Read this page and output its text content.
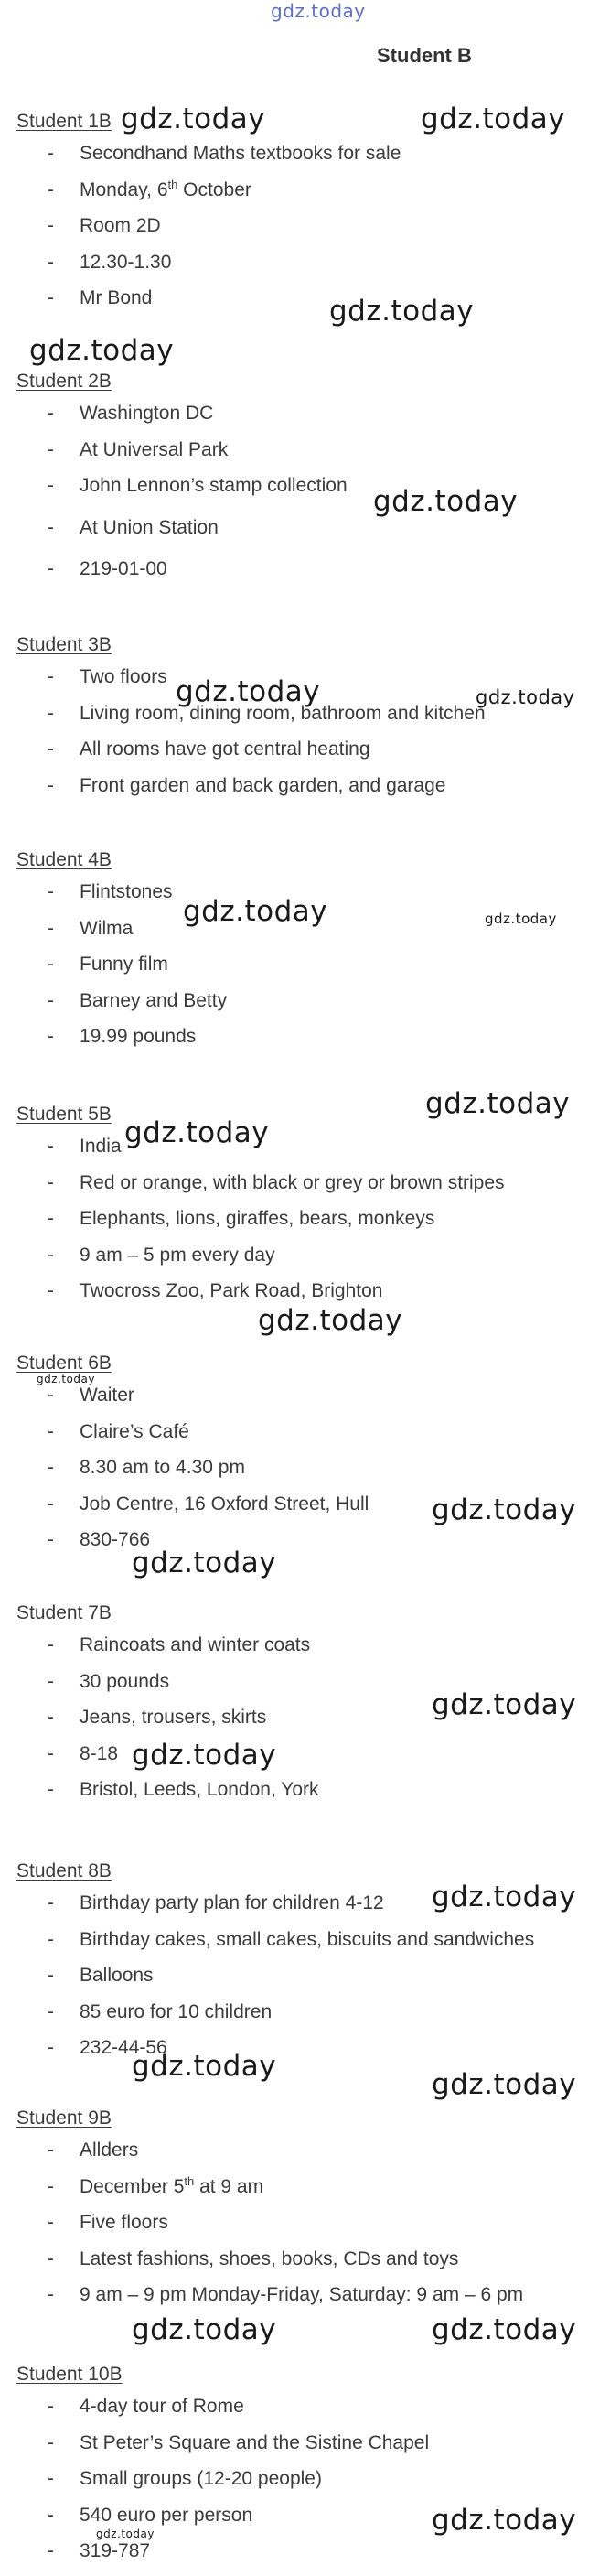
gdz.today
Student B
Student 1B
- Secondhand Maths textbooks for sale
- Monday, 6th October
- Room 2D
- 12.30-1.30
- Mr Bond
Student 2B
- Washington DC
- At Universal Park
- John Lennon’s stamp collection
- At Union Station
- 219-01-00
Student 3B
- Two floors
- Living room, dining room, bathroom and kitchen
- All rooms have got central heating
- Front garden and back garden, and garage
Student 4B
- Flintstones
- Wilma
- Funny film
- Barney and Betty
- 19.99 pounds
Student 5B
- India
- Red or orange, with black or grey or brown stripes
- Elephants, lions, giraffes, bears, monkeys
- 9 am – 5 pm every day
- Twocross Zoo, Park Road, Brighton
Student 6B
- Waiter
- Claire’s Café
- 8.30 am to 4.30 pm
- Job Centre, 16 Oxford Street, Hull
- 830-766
Student 7B
- Raincoats and winter coats
- 30 pounds
- Jeans, trousers, skirts
- 8-18
- Bristol, Leeds, London, York
Student 8B
- Birthday party plan for children 4-12
- Birthday cakes, small cakes, biscuits and sandwiches
- Balloons
- 85 euro for 10 children
- 232-44-56
Student 9B
- Allders
- December 5th at 9 am
- Five floors
- Latest fashions, shoes, books, CDs and toys
- 9 am – 9 pm Monday-Friday, Saturday: 9 am – 6 pm
Student 10B
- 4-day tour of Rome
- St Peter’s Square and the Sistine Chapel
- Small groups (12-20 people)
- 540 euro per person
- 319-787
gdz.today	gdz.today
gdz.today
gdz.today
gdz.today
gdz.today	gdz.today
gdz.today	gdz.today
gdz.today
gdz.today
gdz.today
gdz.today
gdz.today
gdz.today
gdz.today
gdz.today
gdz.today
gdz.today
gdz.today
gdz.today	gdz.today
gdz.today
gdz.today
